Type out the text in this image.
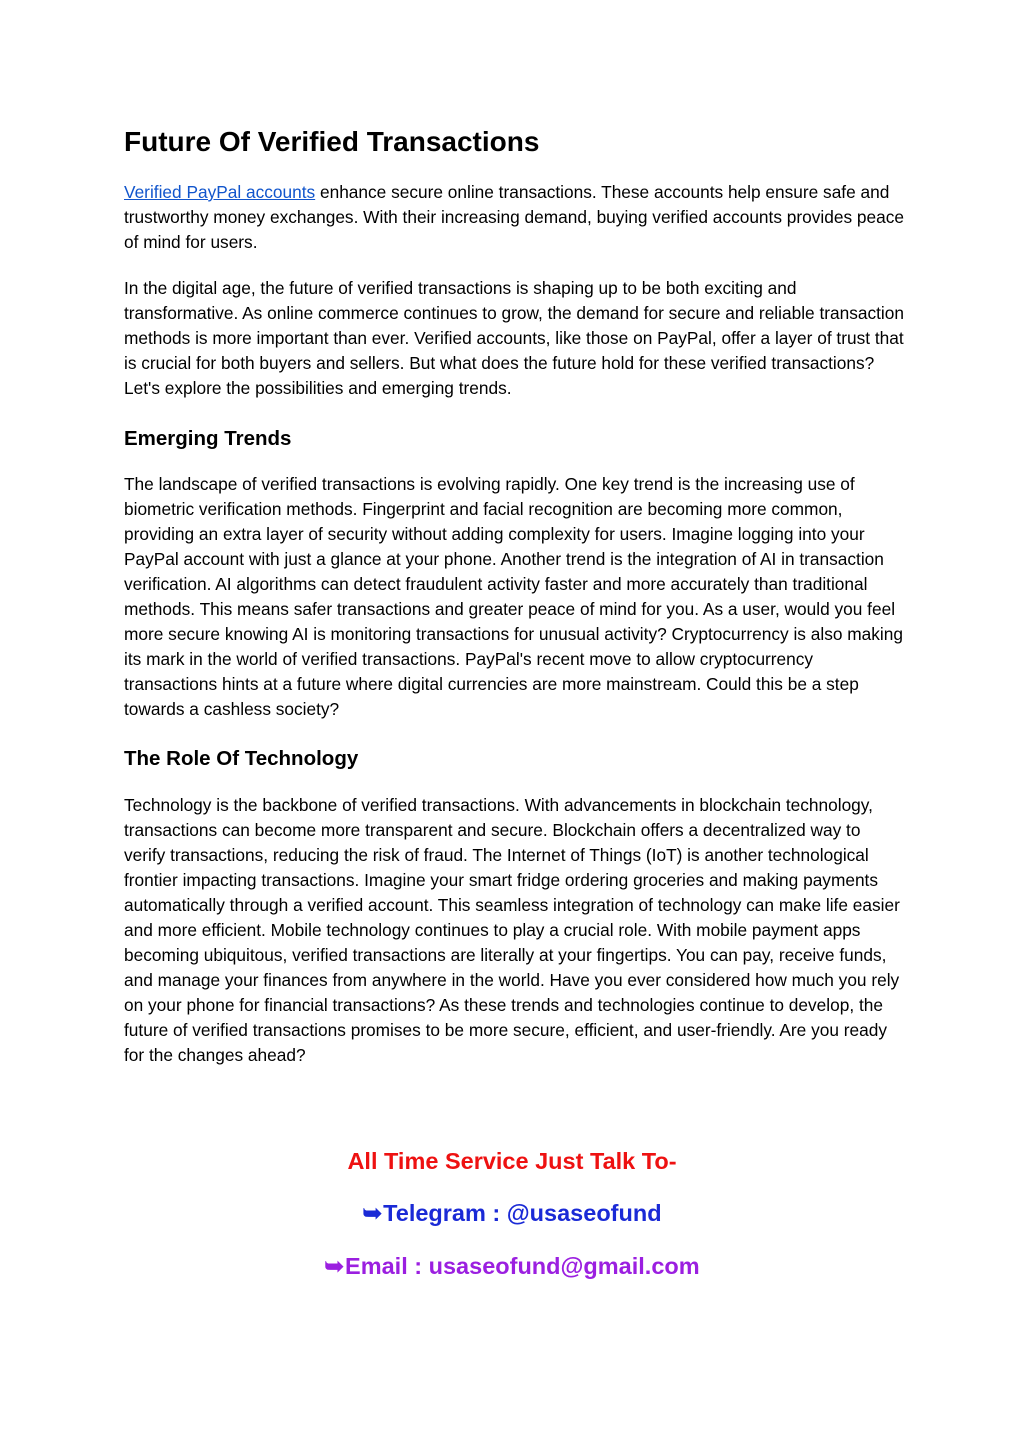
Future Of Verified Transactions

Verified PayPal accounts enhance secure online transactions. These accounts help ensure safe and trustworthy money exchanges. With their increasing demand, buying verified accounts provides peace of mind for users.

In the digital age, the future of verified transactions is shaping up to be both exciting and transformative. As online commerce continues to grow, the demand for secure and reliable transaction methods is more important than ever. Verified accounts, like those on PayPal, offer a layer of trust that is crucial for both buyers and sellers. But what does the future hold for these verified transactions? Let's explore the possibilities and emerging trends.

Emerging Trends

The landscape of verified transactions is evolving rapidly. One key trend is the increasing use of biometric verification methods. Fingerprint and facial recognition are becoming more common, providing an extra layer of security without adding complexity for users. Imagine logging into your PayPal account with just a glance at your phone. Another trend is the integration of AI in transaction verification. AI algorithms can detect fraudulent activity faster and more accurately than traditional methods. This means safer transactions and greater peace of mind for you. As a user, would you feel more secure knowing AI is monitoring transactions for unusual activity? Cryptocurrency is also making its mark in the world of verified transactions. PayPal's recent move to allow cryptocurrency transactions hints at a future where digital currencies are more mainstream. Could this be a step towards a cashless society?

The Role Of Technology

Technology is the backbone of verified transactions. With advancements in blockchain technology, transactions can become more transparent and secure. Blockchain offers a decentralized way to verify transactions, reducing the risk of fraud. The Internet of Things (IoT) is another technological frontier impacting transactions. Imagine your smart fridge ordering groceries and making payments automatically through a verified account. This seamless integration of technology can make life easier and more efficient. Mobile technology continues to play a crucial role. With mobile payment apps becoming ubiquitous, verified transactions are literally at your fingertips. You can pay, receive funds, and manage your finances from anywhere in the world. Have you ever considered how much you rely on your phone for financial transactions? As these trends and technologies continue to develop, the future of verified transactions promises to be more secure, efficient, and user-friendly. Are you ready for the changes ahead?

All Time Service Just Talk To-
➥Telegram : @usaseofund
➥Email : usaseofund@gmail.com
